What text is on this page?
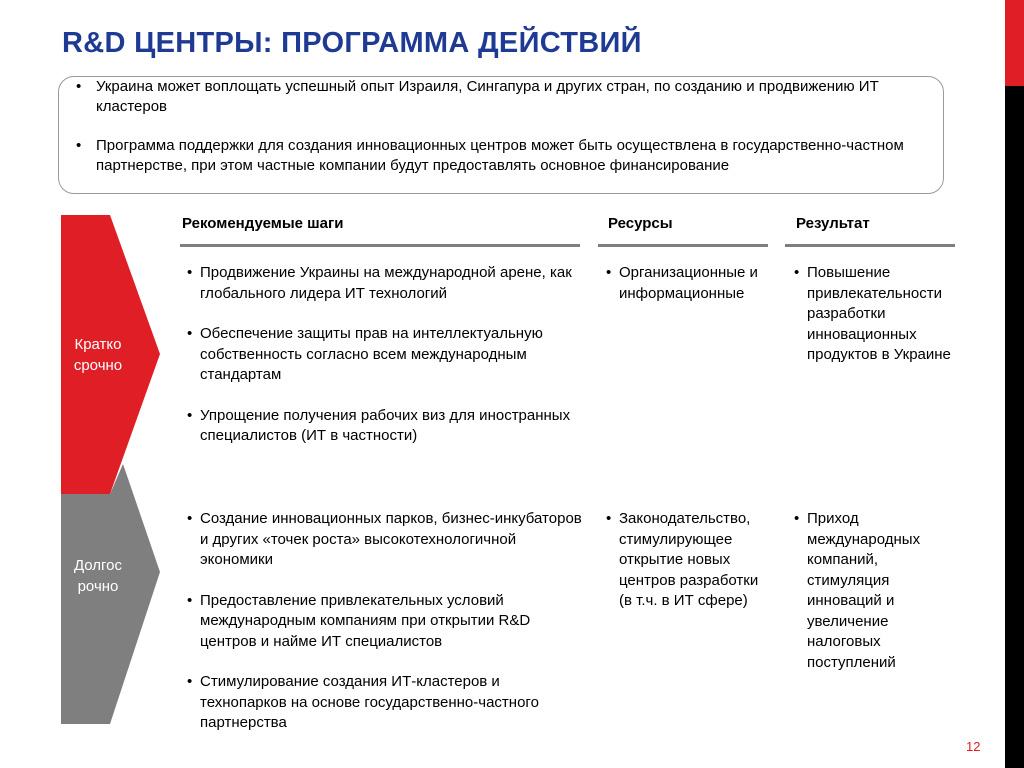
R&D ЦЕНТРЫ: ПРОГРАММА ДЕЙСТВИЙ
• Украина может воплощать успешный опыт Израиля, Сингапура и других стран, по созданию и продвижению ИТ кластеров
• Программа поддержки для создания инновационных центров может быть осуществлена в государственно-частном партнерстве, при этом частные компании будут предоставлять основное финансирование
Кратко
срочно
Долгос
рочно
Рекомендуемые шаги	Ресурсы	Результат
• Продвижение Украины на международной арене, как глобального лидера ИТ технологий
• Обеспечение защиты прав на интеллектуальную собственность согласно всем международным стандартам
• Упрощение получения рабочих виз для иностранных специалистов (ИТ в частности)
• Организационные и информационные
• Повышение привлекательности разработки инновационных продуктов в Украине
• Создание инновационных парков, бизнес-инкубаторов и других «точек роста» высокотехнологичной экономики
• Предоставление привлекательных условий международным компаниям при открытии R&D центров и найме ИТ специалистов
• Стимулирование создания ИТ-кластеров и технопарков на основе государственно-частного партнерства
• Законодательство, стимулирующее открытие новых центров разработки (в т.ч. в ИТ сфере)
• Приход международных компаний, стимуляция инноваций и увеличение налоговых поступлений
12
